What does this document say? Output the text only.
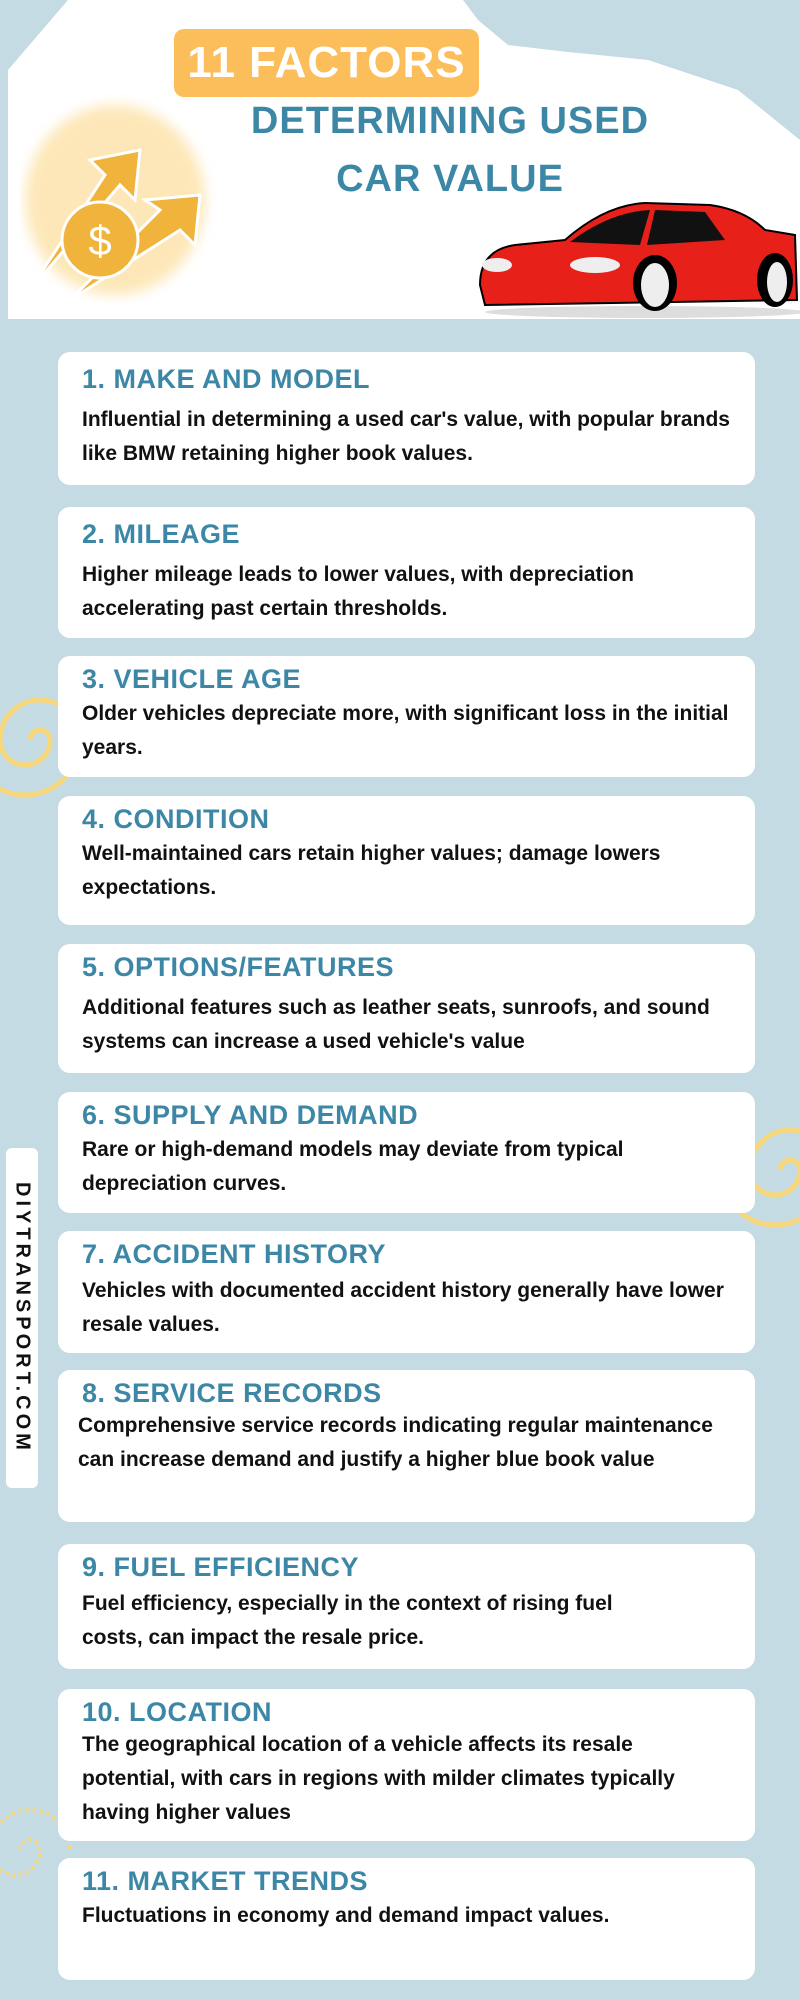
$
11 FACTORS
DETERMINING USED
CAR VALUE
DIYTRANSPORT.COM
1. MAKE AND MODEL

Influential in determining a used car's value, with popular brands like BMW retaining higher book values.

2. MILEAGE

Higher mileage leads to lower values, with depreciation accelerating past certain thresholds.

3. VEHICLE AGE

Older vehicles depreciate more, with significant loss in the initial years.

4. CONDITION

Well-maintained cars retain higher values; damage lowers expectations.

5. OPTIONS/FEATURES

Additional features such as leather seats, sunroofs, and sound systems can increase a used vehicle's value

6. SUPPLY AND DEMAND

Rare or high-demand models may deviate from typical depreciation curves.

7. ACCIDENT HISTORY

Vehicles with documented accident history generally have lower resale values.

8. SERVICE RECORDS

Comprehensive service records indicating regular maintenance can increase demand and justify a higher blue book value

9. FUEL EFFICIENCY

Fuel efficiency, especially in the context of rising fuel costs, can impact the resale price.

10. LOCATION

The geographical location of a vehicle affects its resale potential, with cars in regions with milder climates typically having higher values

11. MARKET TRENDS

Fluctuations in economy and demand impact values.
